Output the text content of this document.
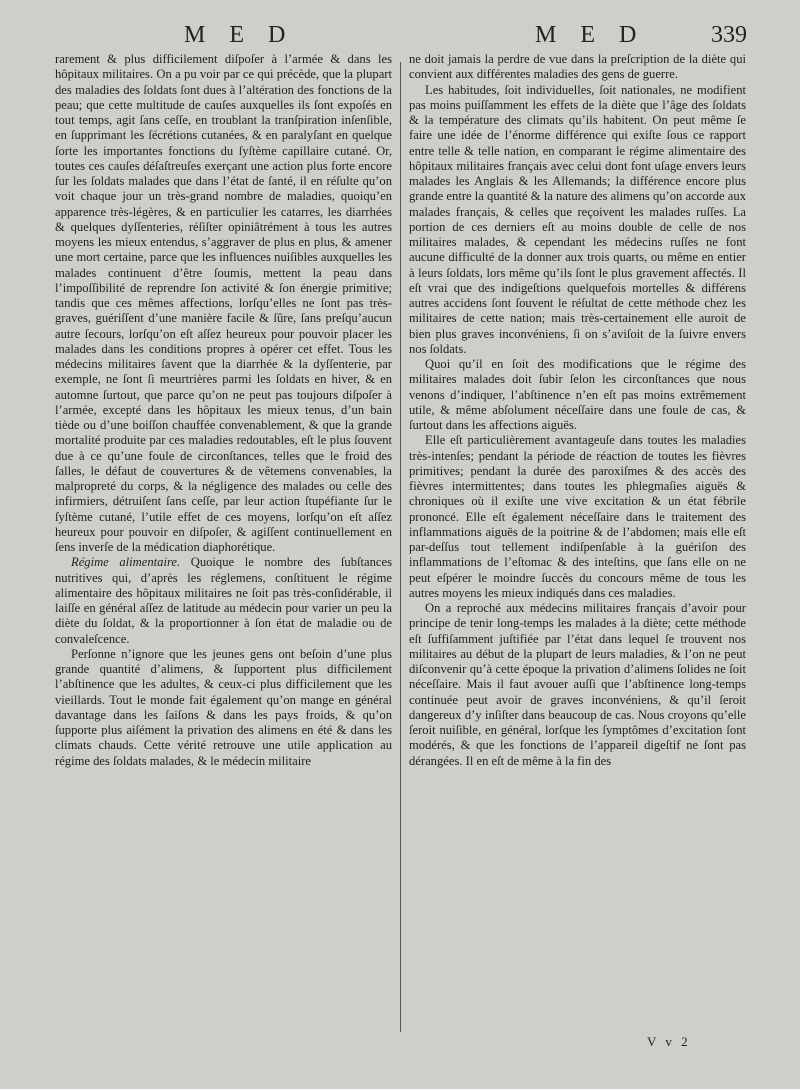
M E D	M E D	339

rarement & plus difficilement diſpoſer à l’armée & dans les hôpitaux militaires. On a pu voir par ce qui précède, que la plupart des maladies des ſoldats ſont dues à l’altération des fonctions de la peau; que cette multitude de cauſes auxquelles ils ſont expoſés en tout temps, agit ſans ceſſe, en troublant la tranſpiration inſenſible, en ſupprimant les ſécrétions cutanées, & en paralyſant en quelque ſorte les importantes fonctions du ſyſtème capillaire cutané. Or, toutes ces cauſes déſaſtreuſes exerçant une action plus forte encore ſur les ſoldats malades que dans l’état de ſanté, il en réſulte qu’on voit chaque jour un très-grand nombre de maladies, quoiqu’en apparence très-légères, & en particulier les catarres, les diarrhées & quelques dyſſenteries, réſiſter opiniâtrément à tous les autres moyens les mieux entendus, s’aggraver de plus en plus, & amener une mort certaine, parce que les influences nuiſibles auxquelles les malades continuent d’être ſoumis, mettent la peau dans l’impoſſibilité de reprendre ſon activité & ſon énergie primitive; tandis que ces mêmes affections, lorſqu’elles ne ſont pas très-graves, guériſſent d’une manière facile & ſûre, ſans preſqu’aucun autre ſecours, lorſqu’on eſt aſſez heureux pour pouvoir placer les malades dans les conditions propres à opérer cet effet. Tous les médecins militaires ſavent que la diarrhée & la dyſſenterie, par exemple, ne ſont ſi meurtrières parmi les ſoldats en hiver, & en automne ſurtout, que parce qu’on ne peut pas toujours diſpoſer à l’armée, excepté dans les hôpitaux les mieux tenus, d’un bain tiède ou d’une boiſſon chauffée convenablement, & que la grande mortalité produite par ces maladies redoutables, eſt le plus ſouvent due à ce qu’une foule de circonſtances, telles que le froid des ſalles, le défaut de couvertures & de vêtemens convenables, la malpropreté du corps, & la négligence des malades ou celle des infirmiers, détruiſent ſans ceſſe, par leur action ſtupéfiante ſur le ſyſtème cutané, l’utile effet de ces moyens, lorſqu’on eſt aſſez heureux pour pouvoir en diſpoſer, & agiſſent continuellement en ſens inverſe de la médication diaphorétique.

Régime alimentaire. Quoique le nombre des ſubſtances nutritives qui, d’après les réglemens, conſtituent le régime alimentaire des hôpitaux militaires ne ſoit pas très-conſidérable, il laiſſe en général aſſez de latitude au médecin pour varier un peu la diète du ſoldat, & la proportionner à ſon état de maladie ou de convaleſcence.

Perſonne n’ignore que les jeunes gens ont beſoin d’une plus grande quantité d’alimens, & ſupportent plus difficilement l’abſtinence que les adultes, & ceux-ci plus difficilement que les vieillards. Tout le monde fait également qu’on mange en général davantage dans les ſaiſons & dans les pays froids, & qu’on ſupporte plus aiſément la privation des alimens en été & dans les climats chauds. Cette vérité retrouve une utile application au régime des ſoldats malades, & le médecin militaire

ne doit jamais la perdre de vue dans la preſcription de la diète qui convient aux différentes maladies des gens de guerre.

Les habitudes, ſoit individuelles, ſoit nationales, ne modifient pas moins puiſſamment les effets de la diète que l’âge des ſoldats & la température des climats qu’ils habitent. On peut même ſe faire une idée de l’énorme différence qui exiſte ſous ce rapport entre telle & telle nation, en comparant le régime alimentaire des hôpitaux militaires français avec celui dont font uſage envers leurs malades les Anglais & les Allemands; la différence encore plus grande entre la quantité & la nature des alimens qu’on accorde aux malades français, & celles que reçoivent les malades ruſſes. La portion de ces derniers eſt au moins double de celle de nos militaires malades, & cependant les médecins ruſſes ne font aucune difficulté de la donner aux trois quarts, ou même en entier à leurs ſoldats, lors même qu’ils ſont le plus gravement affectés. Il eſt vrai que des indigeſtions quelquefois mortelles & différens autres accidens ſont ſouvent le réſultat de cette méthode chez les militaires de cette nation; mais très-certainement elle auroit de bien plus graves inconvéniens, ſi on s’aviſoit de la ſuivre envers nos ſoldats.

Quoi qu’il en ſoit des modifications que le régime des militaires malades doit ſubir ſelon les circonſtances que nous venons d’indiquer, l’abſtinence n’en eſt pas moins extrêmement utile, & même abſolument néceſſaire dans une foule de cas, & ſurtout dans les affections aiguës.

Elle eſt particulièrement avantageuſe dans toutes les maladies très-intenſes; pendant la période de réaction de toutes les fièvres primitives; pendant la durée des paroxiſmes & des accès des fièvres intermittentes; dans toutes les phlegmaſies aiguës & chroniques où il exiſte une vive excitation & un état fébrile prononcé. Elle eſt également néceſſaire dans le traitement des inflammations aiguës de la poitrine & de l’abdomen; mais elle eſt par-deſſus tout tellement indiſpenſable à la guériſon des inflammations de l’eſtomac & des inteſtins, que ſans elle on ne peut eſpérer le moindre ſuccès du concours même de tous les autres moyens les mieux indiqués dans ces maladies.

On a reproché aux médecins militaires français d’avoir pour principe de tenir long-temps les malades à la diète; cette méthode eſt ſuffiſamment juſtifiée par l’état dans lequel ſe trouvent nos militaires au début de la plupart de leurs maladies, & l’on ne peut diſconvenir qu’à cette époque la privation d’alimens ſolides ne ſoit néceſſaire. Mais il faut avouer auſſi que l’abſtinence long-temps continuée peut avoir de graves inconvéniens, & qu’il ſeroit dangereux d’y inſiſter dans beaucoup de cas. Nous croyons qu’elle ſeroit nuiſible, en général, lorſque les ſymptômes d’excitation ſont modérés, & que les fonctions de l’appareil digeſtif ne ſont pas dérangées. Il en eſt de même à la fin des

V v 2
